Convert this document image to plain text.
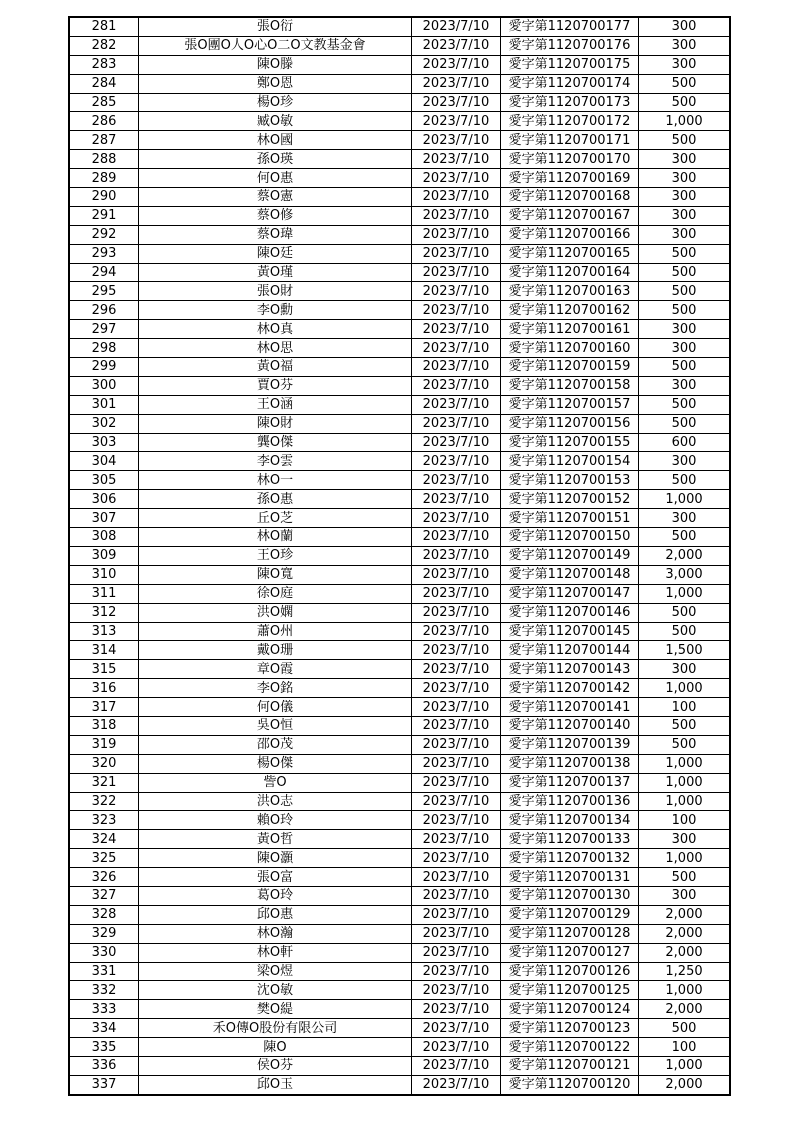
281	張O衍	2023/7/10	愛字第1120700177	300
282	張O團O人O心O二O文教基金會	2023/7/10	愛字第1120700176	300
283	陳O滕	2023/7/10	愛字第1120700175	300
284	鄭O恩	2023/7/10	愛字第1120700174	500
285	楊O珍	2023/7/10	愛字第1120700173	500
286	臧O敏	2023/7/10	愛字第1120700172	1,000
287	林O國	2023/7/10	愛字第1120700171	500
288	孫O瑛	2023/7/10	愛字第1120700170	300
289	何O惠	2023/7/10	愛字第1120700169	300
290	蔡O憲	2023/7/10	愛字第1120700168	300
291	蔡O修	2023/7/10	愛字第1120700167	300
292	蔡O瑋	2023/7/10	愛字第1120700166	300
293	陳O廷	2023/7/10	愛字第1120700165	500
294	黃O瑾	2023/7/10	愛字第1120700164	500
295	張O財	2023/7/10	愛字第1120700163	500
296	李O勳	2023/7/10	愛字第1120700162	500
297	林O真	2023/7/10	愛字第1120700161	300
298	林O思	2023/7/10	愛字第1120700160	300
299	黃O福	2023/7/10	愛字第1120700159	500
300	賈O芬	2023/7/10	愛字第1120700158	300
301	王O涵	2023/7/10	愛字第1120700157	500
302	陳O財	2023/7/10	愛字第1120700156	500
303	龔O傑	2023/7/10	愛字第1120700155	600
304	李O雲	2023/7/10	愛字第1120700154	300
305	林O一	2023/7/10	愛字第1120700153	500
306	孫O惠	2023/7/10	愛字第1120700152	1,000
307	丘O芝	2023/7/10	愛字第1120700151	300
308	林O蘭	2023/7/10	愛字第1120700150	500
309	王O珍	2023/7/10	愛字第1120700149	2,000
310	陳O寬	2023/7/10	愛字第1120700148	3,000
311	徐O庭	2023/7/10	愛字第1120700147	1,000
312	洪O嫻	2023/7/10	愛字第1120700146	500
313	蕭O州	2023/7/10	愛字第1120700145	500
314	戴O珊	2023/7/10	愛字第1120700144	1,500
315	章O霞	2023/7/10	愛字第1120700143	300
316	李O銘	2023/7/10	愛字第1120700142	1,000
317	何O儀	2023/7/10	愛字第1120700141	100
318	吳O恒	2023/7/10	愛字第1120700140	500
319	邵O茂	2023/7/10	愛字第1120700139	500
320	楊O傑	2023/7/10	愛字第1120700138	1,000
321	訾O	2023/7/10	愛字第1120700137	1,000
322	洪O志	2023/7/10	愛字第1120700136	1,000
323	賴O玲	2023/7/10	愛字第1120700134	100
324	黃O哲	2023/7/10	愛字第1120700133	300
325	陳O灝	2023/7/10	愛字第1120700132	1,000
326	張O富	2023/7/10	愛字第1120700131	500
327	葛O玲	2023/7/10	愛字第1120700130	300
328	邱O惠	2023/7/10	愛字第1120700129	2,000
329	林O瀚	2023/7/10	愛字第1120700128	2,000
330	林O軒	2023/7/10	愛字第1120700127	2,000
331	梁O煜	2023/7/10	愛字第1120700126	1,250
332	沈O敏	2023/7/10	愛字第1120700125	1,000
333	樊O緹	2023/7/10	愛字第1120700124	2,000
334	禾O傳O股份有限公司	2023/7/10	愛字第1120700123	500
335	陳O	2023/7/10	愛字第1120700122	100
336	侯O芬	2023/7/10	愛字第1120700121	1,000
337	邱O玉	2023/7/10	愛字第1120700120	2,000
